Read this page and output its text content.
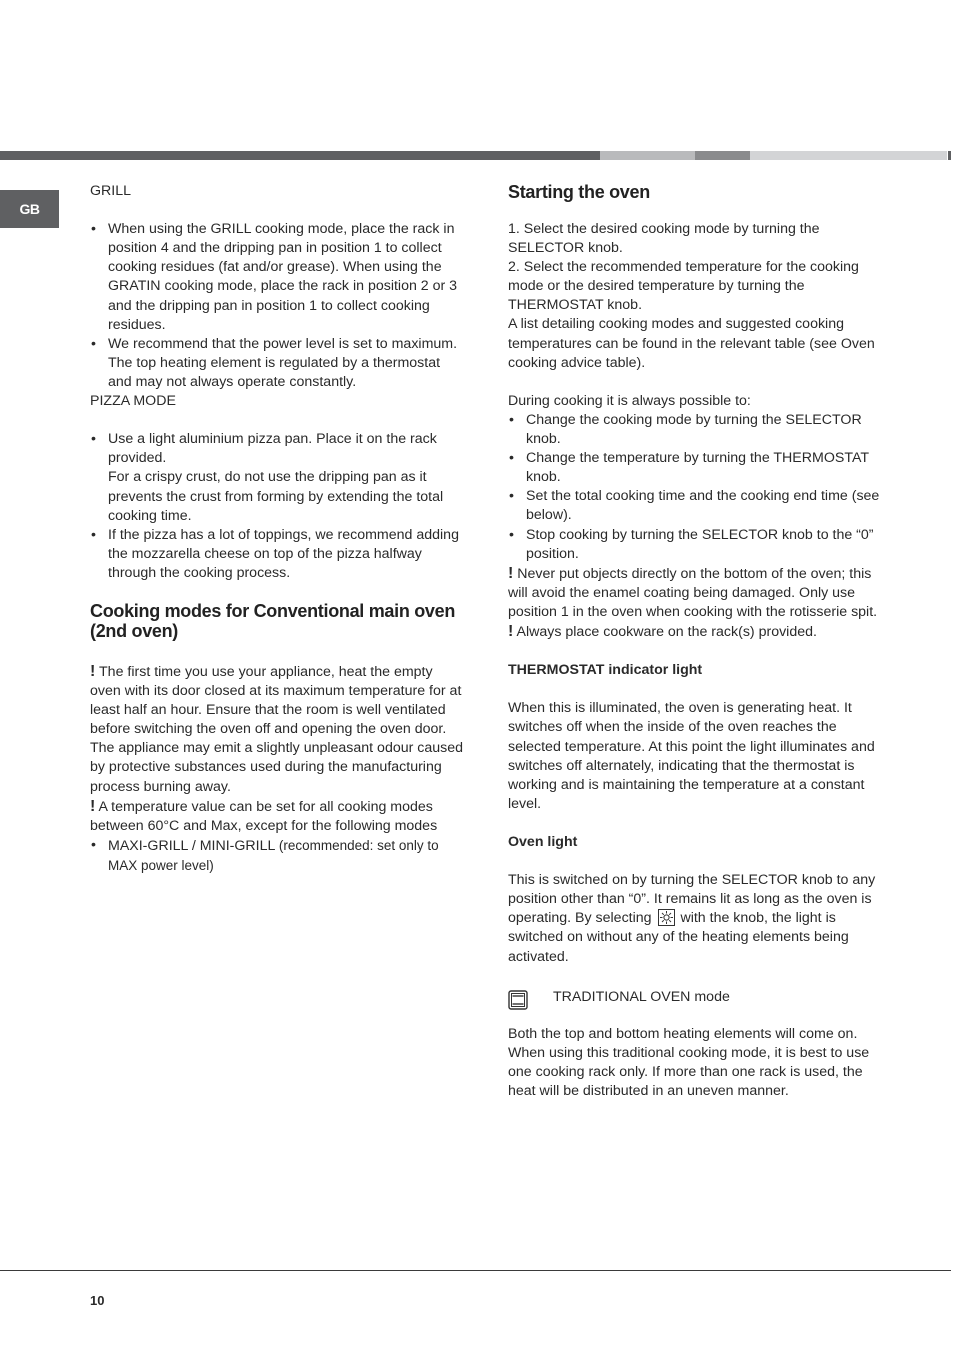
GB

GRILL

• When using the GRILL cooking mode, place the rack in position 4 and the dripping pan in position 1 to collect cooking residues (fat and/or grease). When using the GRATIN cooking mode, place the rack in position 2 or 3 and the dripping pan in position 1 to collect cooking residues.
• We recommend that the power level is set to maximum. The top heating element is regulated by a thermostat and may not always operate constantly.

PIZZA MODE

• Use a light aluminium pizza pan. Place it on the rack provided.
For a crispy crust, do not use the dripping pan as it prevents the crust from forming by extending the total cooking time.
• If the pizza has a lot of toppings, we recommend adding the mozzarella cheese on top of the pizza halfway through the cooking process.

Cooking modes for Conventional main oven (2nd oven)

! The first time you use your appliance, heat the empty oven with its door closed at its maximum temperature for at least half an hour. Ensure that the room is well ventilated before switching the oven off and opening the oven door. The appliance may emit a slightly unpleasant odour caused by protective substances used during the manufacturing process burning away.

! A temperature value can be set for all cooking modes

between 60°C and Max, except for the following modes

• MAXI-GRILL / MINI-GRILL (recommended: set only to MAX power level)

Starting the oven

1. Select the desired cooking mode by turning the SELECTOR knob.

2. Select the recommended temperature for the cooking mode or the desired temperature by turning the THERMOSTAT knob.

A list detailing cooking modes and suggested cooking temperatures can be found in the relevant table (see Oven cooking advice table).

During cooking it is always possible to:

• Change the cooking mode by turning the SELECTOR knob.
• Change the temperature by turning the THERMOSTAT knob.
• Set the total cooking time and the cooking end time (see below).
• Stop cooking by turning the SELECTOR knob to the “0” position.

! Never put objects directly on the bottom of the oven; this will avoid the enamel coating being damaged. Only use position 1 in the oven when cooking with the rotisserie spit.

! Always place cookware on the rack(s) provided.

THERMOSTAT indicator light

When this is illuminated, the oven is generating heat. It switches off when the inside of the oven reaches the selected temperature. At this point the light illuminates and switches off alternately, indicating that the thermostat is working and is maintaining the temperature at a constant level.

Oven light

This is switched on by turning the SELECTOR knob to any position other than “0”. It remains lit as long as the oven is operating. By selecting with the knob, the light is switched on without any of the heating elements being activated.

TRADITIONAL OVEN mode

Both the top and bottom heating elements will come on. When using this traditional cooking mode, it is best to use one cooking rack only. If more than one rack is used, the heat will be distributed in an uneven manner.

10
